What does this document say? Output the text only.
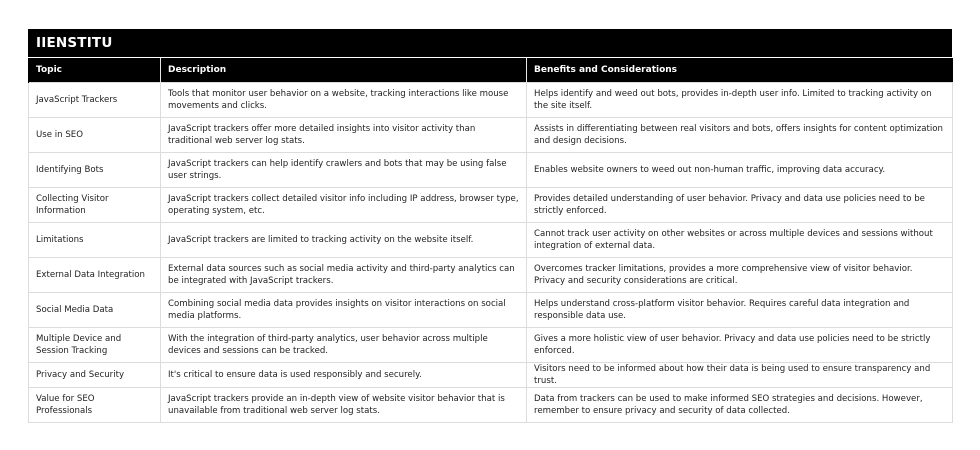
IIENSTITU
Topic	Description	Benefits and Considerations
JavaScript Trackers	Tools that monitor user behavior on a website, tracking interactions like mouse movements and clicks.	Helps identify and weed out bots, provides in-depth user info. Limited to tracking activity on the site itself.
Use in SEO	JavaScript trackers offer more detailed insights into visitor activity than traditional web server log stats.	Assists in differentiating between real visitors and bots, offers insights for content optimization and design decisions.
Identifying Bots	JavaScript trackers can help identify crawlers and bots that may be using false user strings.	Enables website owners to weed out non-human traffic, improving data accuracy.
Collecting Visitor Information	JavaScript trackers collect detailed visitor info including IP address, browser type, operating system, etc.	Provides detailed understanding of user behavior. Privacy and data use policies need to be strictly enforced.
Limitations	JavaScript trackers are limited to tracking activity on the website itself.	Cannot track user activity on other websites or across multiple devices and sessions without integration of external data.
External Data Integration	External data sources such as social media activity and third-party analytics can be integrated with JavaScript trackers.	Overcomes tracker limitations, provides a more comprehensive view of visitor behavior. Privacy and security considerations are critical.
Social Media Data	Combining social media data provides insights on visitor interactions on social media platforms.	Helps understand cross-platform visitor behavior. Requires careful data integration and responsible data use.
Multiple Device and Session Tracking	With the integration of third-party analytics, user behavior across multiple devices and sessions can be tracked.	Gives a more holistic view of user behavior. Privacy and data use policies need to be strictly enforced.
Privacy and Security	It's critical to ensure data is used responsibly and securely.	Visitors need to be informed about how their data is being used to ensure transparency and trust.
Value for SEO Professionals	JavaScript trackers provide an in-depth view of website visitor behavior that is unavailable from traditional web server log stats.	Data from trackers can be used to make informed SEO strategies and decisions. However, remember to ensure privacy and security of data collected.
